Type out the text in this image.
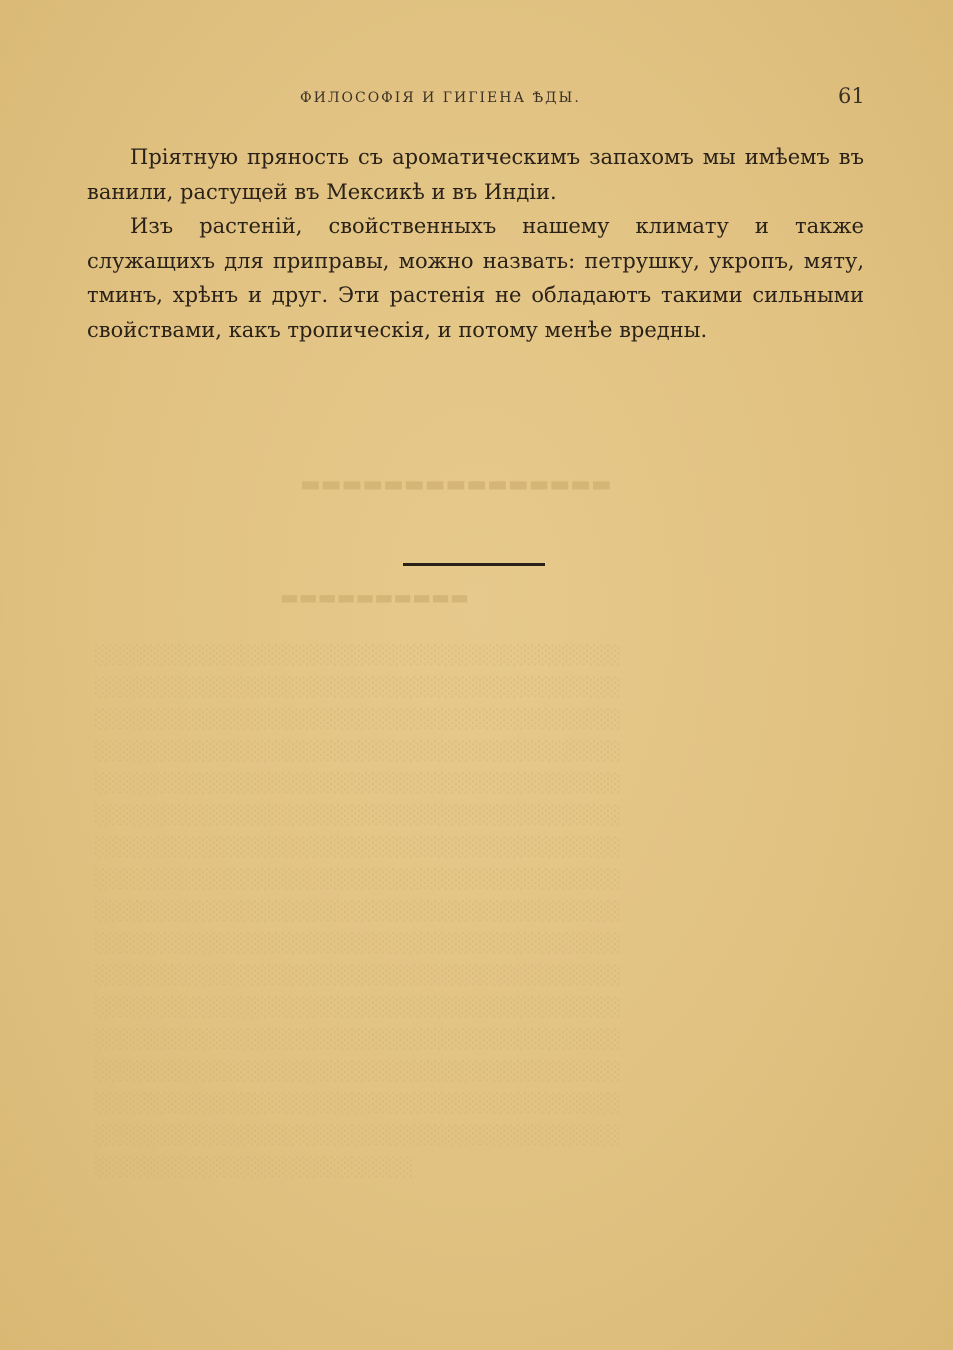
▬▬▬▬▬▬▬▬▬▬▬▬▬▬▬
▬▬▬▬▬▬▬▬▬▬
░░░░░░░░░░░░░░░░░░░░░░░░░░░░░░░░░░░░░░
░░░░░░░░░░░░░░░░░░░░░░░░░░░░░░░░░░░░░░
░░░░░░░░░░░░░░░░░░░░░░░░░░░░░░░░░░░░░░
░░░░░░░░░░░░░░░░░░░░░░░░░░░░░░░░░░░░░░
░░░░░░░░░░░░░░░░░░░░░░░░░░░░░░░░░░░░░░
░░░░░░░░░░░░░░░░░░░░░░░░░░░░░░░░░░░░░░
░░░░░░░░░░░░░░░░░░░░░░░░░░░░░░░░░░░░░░
░░░░░░░░░░░░░░░░░░░░░░░░░░░░░░░░░░░░░░
░░░░░░░░░░░░░░░░░░░░░░░░░░░░░░░░░░░░░░
░░░░░░░░░░░░░░░░░░░░░░░░░░░░░░░░░░░░░░
░░░░░░░░░░░░░░░░░░░░░░░░░░░░░░░░░░░░░░
░░░░░░░░░░░░░░░░░░░░░░░░░░░░░░░░░░░░░░
░░░░░░░░░░░░░░░░░░░░░░░░░░░░░░░░░░░░░░
░░░░░░░░░░░░░░░░░░░░░░░░░░░░░░░░░░░░░░
░░░░░░░░░░░░░░░░░░░░░░░░░░░░░░░░░░░░░░
░░░░░░░░░░░░░░░░░░░░░░░░░░░░░░░░░░░░░░
░░░░░░░░░░░░░░░░░░░░░░░
ФИЛОСОФІЯ И ГИГІЕНА ѢДЫ.	61

Пріятную пряность съ ароматическимъ запахомъ мы имѣемъ въ ванили, растущей въ Мексикѣ и въ Индіи.

Изъ растеній, свойственныхъ нашему климату и также служащихъ для приправы, можно назвать: петрушку, укропъ, мяту, тминъ, хрѣнъ и друг. Эти растенія не обладаютъ такими сильными свойствами, какъ тропическія, и потому менѣе вредны.
